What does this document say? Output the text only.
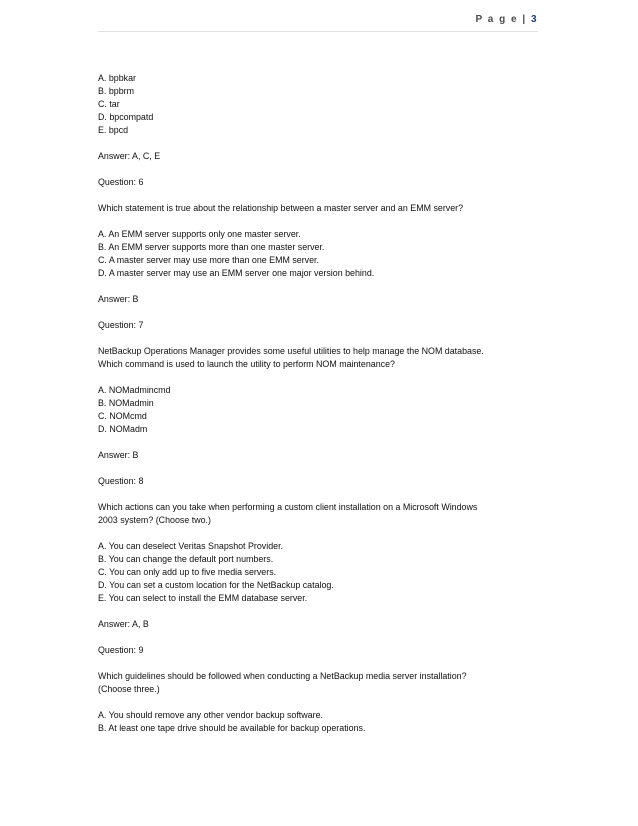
P a g e | 3
A. bpbkar
B. bpbrm
C. tar
D. bpcompatd
E. bpcd
Answer: A, C, E
Question: 6
Which statement is true about the relationship between a master server and an EMM server?
A. An EMM server supports only one master server.
B. An EMM server supports more than one master server.
C. A master server may use more than one EMM server.
D. A master server may use an EMM server one major version behind.
Answer: B
Question: 7
NetBackup Operations Manager provides some useful utilities to help manage the NOM database.
Which command is used to launch the utility to perform NOM maintenance?
A. NOMadmincmd
B. NOMadmin
C. NOMcmd
D. NOMadm
Answer: B
Question: 8
Which actions can you take when performing a custom client installation on a Microsoft Windows
2003 system? (Choose two.)
A. You can deselect Veritas Snapshot Provider.
B. You can change the default port numbers.
C. You can only add up to five media servers.
D. You can set a custom location for the NetBackup catalog.
E. You can select to install the EMM database server.
Answer: A, B
Question: 9
Which guidelines should be followed when conducting a NetBackup media server installation?
(Choose three.)
A. You should remove any other vendor backup software.
B. At least one tape drive should be available for backup operations.
